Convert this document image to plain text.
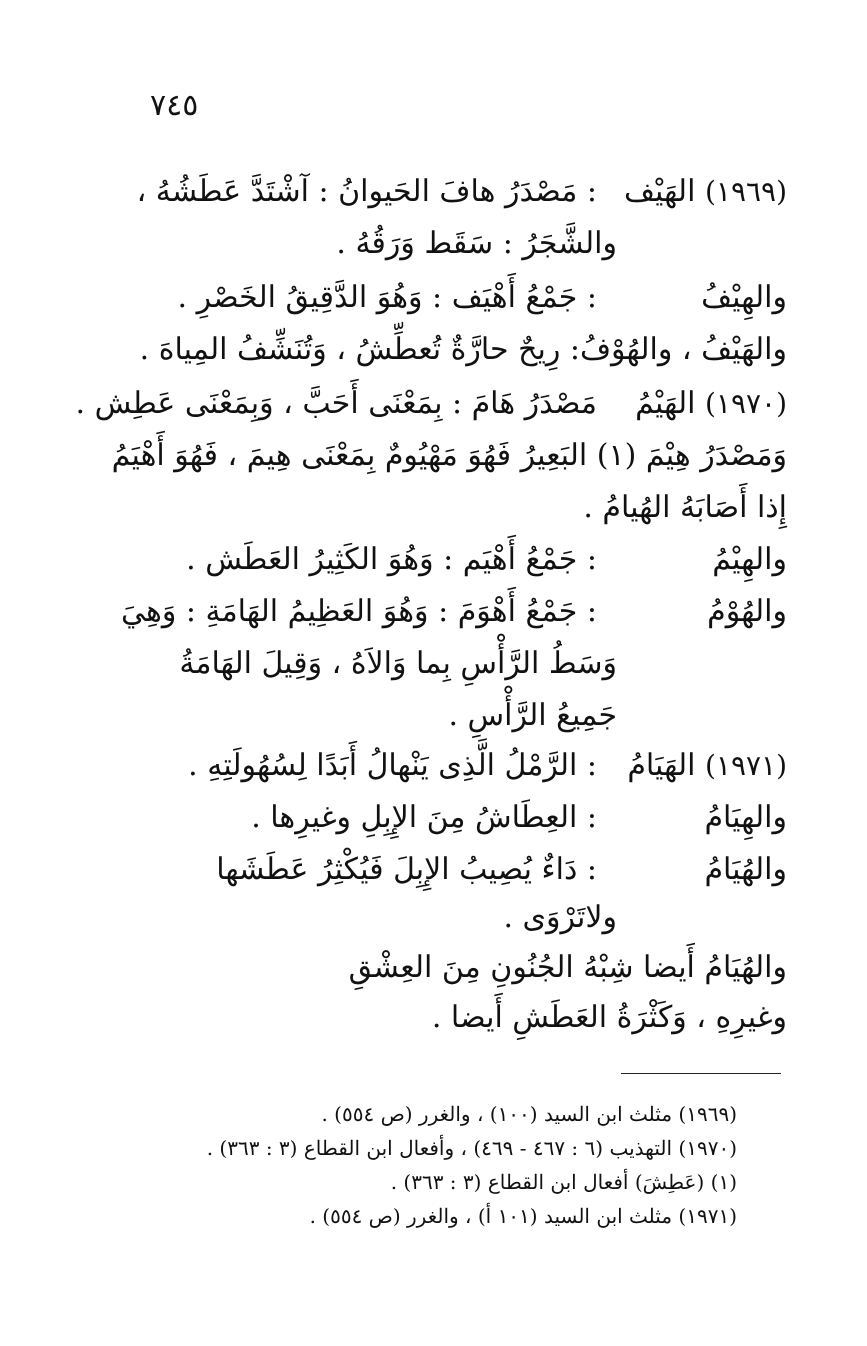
٧٤٥
(١٩٦٩) الهَيْف
: مَصْدَرُ هافَ الحَيوانُ : آشْتَدَّ عَطَشُهُ ،
والشَّجَرُ : سَقَط وَرَقُهُ .
والهِيْفُ
: جَمْعُ أَهْيَف : وَهُوَ الدَّقِيقُ الخَصْرِ .
والهَيْفُ ، والهُوْفُ: رِيحٌ حارَّةٌ تُعطِّشُ ، وَتُنَشِّفُ المِياهَ .
(١٩٧٠) الهَيْمُ
مَصْدَرُ هَامَ : بِمَعْنَى أَحَبَّ ، وَبِمَعْنَى عَطِش .
وَمَصْدَرُ هِيْمَ (١) البَعِيرُ فَهُوَ مَهْيُومٌ بِمَعْنَى هِيمَ ، فَهُوَ أَهْيَمُ
إِذا أَصَابَهُ الهُيامُ .
والهِيْمُ
: جَمْعُ أَهْيَم : وَهُوَ الكَثِيرُ العَطَش .
والهُوْمُ
: جَمْعُ أَهْوَمَ : وَهُوَ العَظِيمُ الهَامَةِ : وَهِيَ
وَسَطُ الرَّأْسِ بِما وَالاَهُ ، وَقِيلَ الهَامَةُ
جَمِيعُ الرَّأْسِ .
(١٩٧١) الهَيَامُ
: الرَّمْلُ الَّذِى يَنْهالُ أَبَدًا لِسُهُولَتِهِ .
والهِيَامُ
: العِطَاشُ مِنَ الإِبِلِ وغيرِها .
والهُيَامُ
: دَاءٌ يُصِيبُ الإِبِلَ فَيُكْثِرُ عَطَشَها
ولاتَرْوَى .
والهُيَامُ أَيضا شِبْهُ الجُنُونِ مِنَ العِشْقِ
وغيرِهِ ، وَكَثْرَةُ العَطَشِ أَيضا .
(١٩٦٩) مثلث ابن السيد (١٠٠) ، والغرر (ص ٥٥٤) .
(١٩٧٠) التهذيب (٦ : ٤٦٧ - ٤٦٩) ، وأفعال ابن القطاع (٣ : ٣٦٣) .
(١) (عَطِشَ) أفعال ابن القطاع (٣ : ٣٦٣) .
(١٩٧١) مثلث ابن السيد (١٠١ أ) ، والغرر (ص ٥٥٤) .
